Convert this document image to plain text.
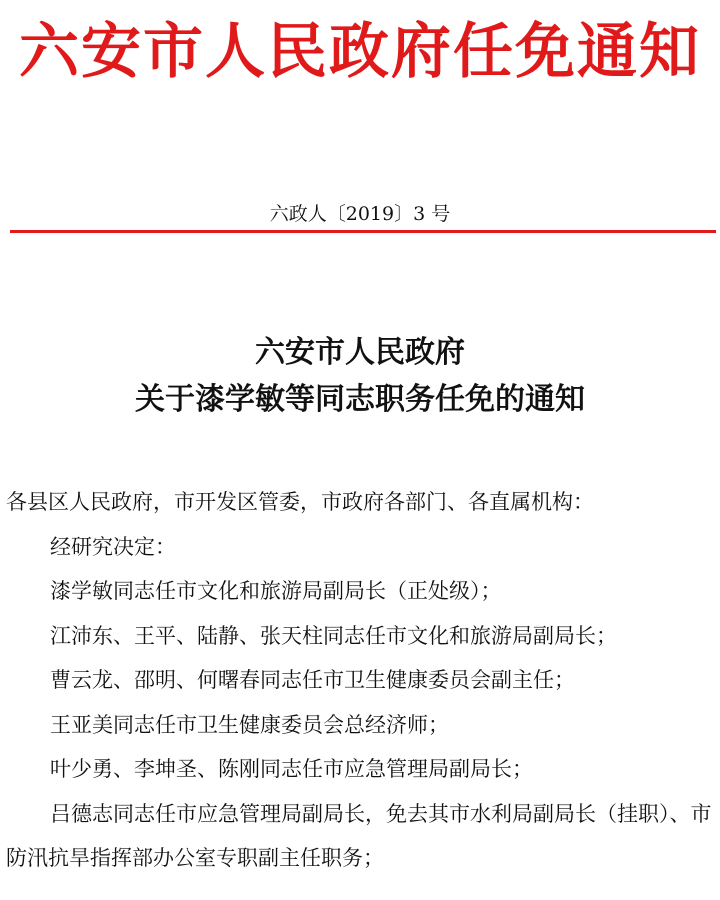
六安市人民政府任免通知
六政人〔2019〕3 号
六安市人民政府
关于漆学敏等同志职务任免的通知

各县区人民政府，市开发区管委，市政府各部门、各直属机构：

经研究决定：

漆学敏同志任市文化和旅游局副局长（正处级）；

江沛东、王平、陆静、张天柱同志任市文化和旅游局副局长；

曹云龙、邵明、何曙春同志任市卫生健康委员会副主任；

王亚美同志任市卫生健康委员会总经济师；

叶少勇、李坤圣、陈刚同志任市应急管理局副局长；

吕德志同志任市应急管理局副局长，免去其市水利局副局长（挂职）、市防汛抗旱指挥部办公室专职副主任职务；
